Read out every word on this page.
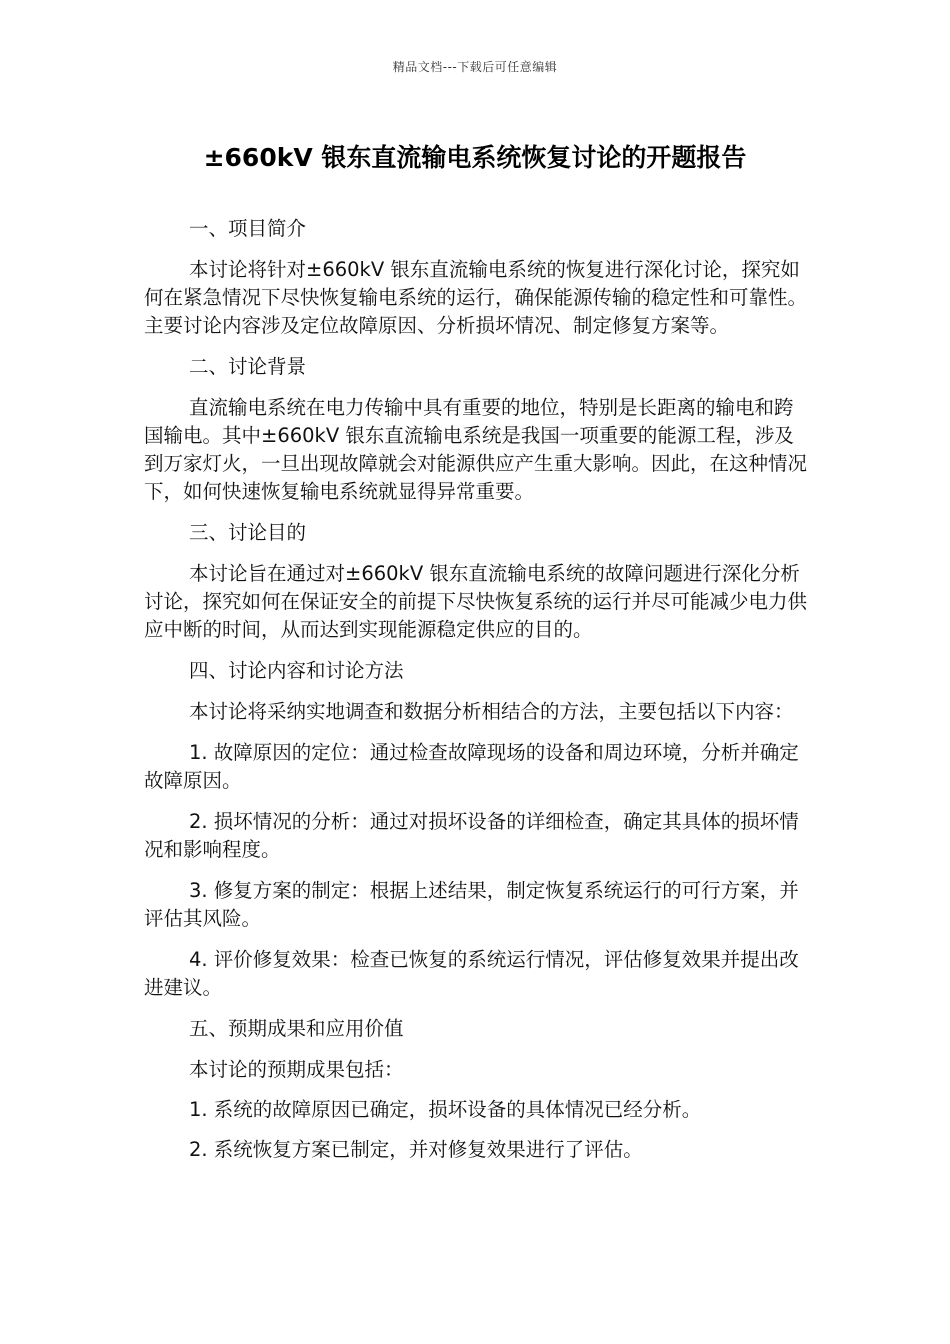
精品文档---下载后可任意编辑
±660kV 银东直流输电系统恢复讨论的开题报告

一、项目简介

本讨论将针对±660kV 银东直流输电系统的恢复进行深化讨论，探究如何在紧急情况下尽快恢复输电系统的运行，确保能源传输的稳定性和可靠性。主要讨论内容涉及定位故障原因、分析损坏情况、制定修复方案等。

二、讨论背景

直流输电系统在电力传输中具有重要的地位，特别是长距离的输电和跨国输电。其中±660kV 银东直流输电系统是我国一项重要的能源工程，涉及到万家灯火，一旦出现故障就会对能源供应产生重大影响。因此，在这种情况下，如何快速恢复输电系统就显得异常重要。

三、讨论目的

本讨论旨在通过对±660kV 银东直流输电系统的故障问题进行深化分析讨论，探究如何在保证安全的前提下尽快恢复系统的运行并尽可能减少电力供应中断的时间，从而达到实现能源稳定供应的目的。

四、讨论内容和讨论方法

本讨论将采纳实地调查和数据分析相结合的方法，主要包括以下内容：

1. 故障原因的定位：通过检查故障现场的设备和周边环境，分析并确定故障原因。

2. 损坏情况的分析：通过对损坏设备的详细检查，确定其具体的损坏情况和影响程度。

3. 修复方案的制定：根据上述结果，制定恢复系统运行的可行方案，并评估其风险。

4. 评价修复效果：检查已恢复的系统运行情况，评估修复效果并提出改进建议。

五、预期成果和应用价值

本讨论的预期成果包括：

1. 系统的故障原因已确定，损坏设备的具体情况已经分析。

2. 系统恢复方案已制定，并对修复效果进行了评估。
